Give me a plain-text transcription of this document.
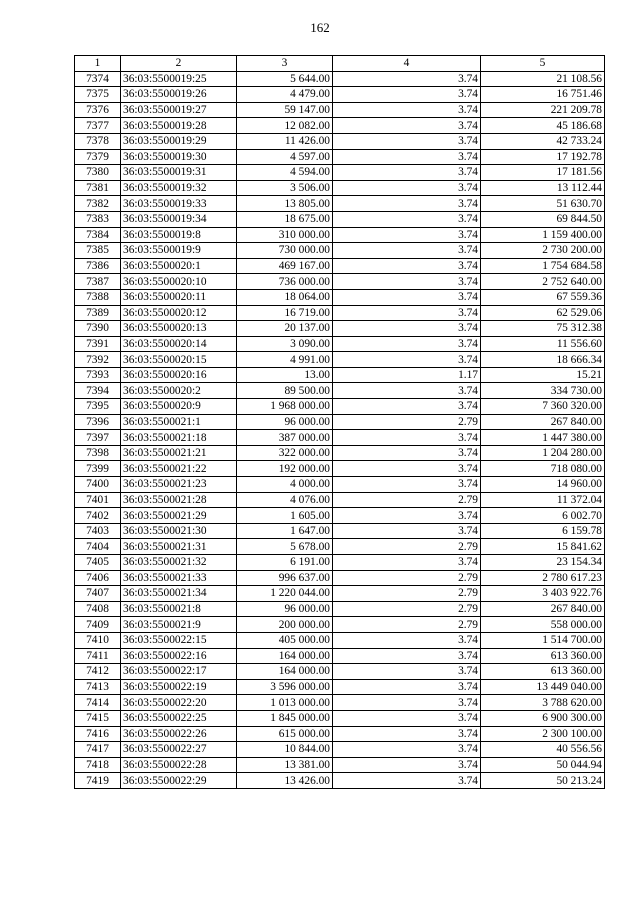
162
1	2	3	4	5
7374	36:03:5500019:25	5 644.00	3.74	21 108.56
7375	36:03:5500019:26	4 479.00	3.74	16 751.46
7376	36:03:5500019:27	59 147.00	3.74	221 209.78
7377	36:03:5500019:28	12 082.00	3.74	45 186.68
7378	36:03:5500019:29	11 426.00	3.74	42 733.24
7379	36:03:5500019:30	4 597.00	3.74	17 192.78
7380	36:03:5500019:31	4 594.00	3.74	17 181.56
7381	36:03:5500019:32	3 506.00	3.74	13 112.44
7382	36:03:5500019:33	13 805.00	3.74	51 630.70
7383	36:03:5500019:34	18 675.00	3.74	69 844.50
7384	36:03:5500019:8	310 000.00	3.74	1 159 400.00
7385	36:03:5500019:9	730 000.00	3.74	2 730 200.00
7386	36:03:5500020:1	469 167.00	3.74	1 754 684.58
7387	36:03:5500020:10	736 000.00	3.74	2 752 640.00
7388	36:03:5500020:11	18 064.00	3.74	67 559.36
7389	36:03:5500020:12	16 719.00	3.74	62 529.06
7390	36:03:5500020:13	20 137.00	3.74	75 312.38
7391	36:03:5500020:14	3 090.00	3.74	11 556.60
7392	36:03:5500020:15	4 991.00	3.74	18 666.34
7393	36:03:5500020:16	13.00	1.17	15.21
7394	36:03:5500020:2	89 500.00	3.74	334 730.00
7395	36:03:5500020:9	1 968 000.00	3.74	7 360 320.00
7396	36:03:5500021:1	96 000.00	2.79	267 840.00
7397	36:03:5500021:18	387 000.00	3.74	1 447 380.00
7398	36:03:5500021:21	322 000.00	3.74	1 204 280.00
7399	36:03:5500021:22	192 000.00	3.74	718 080.00
7400	36:03:5500021:23	4 000.00	3.74	14 960.00
7401	36:03:5500021:28	4 076.00	2.79	11 372.04
7402	36:03:5500021:29	1 605.00	3.74	6 002.70
7403	36:03:5500021:30	1 647.00	3.74	6 159.78
7404	36:03:5500021:31	5 678.00	2.79	15 841.62
7405	36:03:5500021:32	6 191.00	3.74	23 154.34
7406	36:03:5500021:33	996 637.00	2.79	2 780 617.23
7407	36:03:5500021:34	1 220 044.00	2.79	3 403 922.76
7408	36:03:5500021:8	96 000.00	2.79	267 840.00
7409	36:03:5500021:9	200 000.00	2.79	558 000.00
7410	36:03:5500022:15	405 000.00	3.74	1 514 700.00
7411	36:03:5500022:16	164 000.00	3.74	613 360.00
7412	36:03:5500022:17	164 000.00	3.74	613 360.00
7413	36:03:5500022:19	3 596 000.00	3.74	13 449 040.00
7414	36:03:5500022:20	1 013 000.00	3.74	3 788 620.00
7415	36:03:5500022:25	1 845 000.00	3.74	6 900 300.00
7416	36:03:5500022:26	615 000.00	3.74	2 300 100.00
7417	36:03:5500022:27	10 844.00	3.74	40 556.56
7418	36:03:5500022:28	13 381.00	3.74	50 044.94
7419	36:03:5500022:29	13 426.00	3.74	50 213.24
